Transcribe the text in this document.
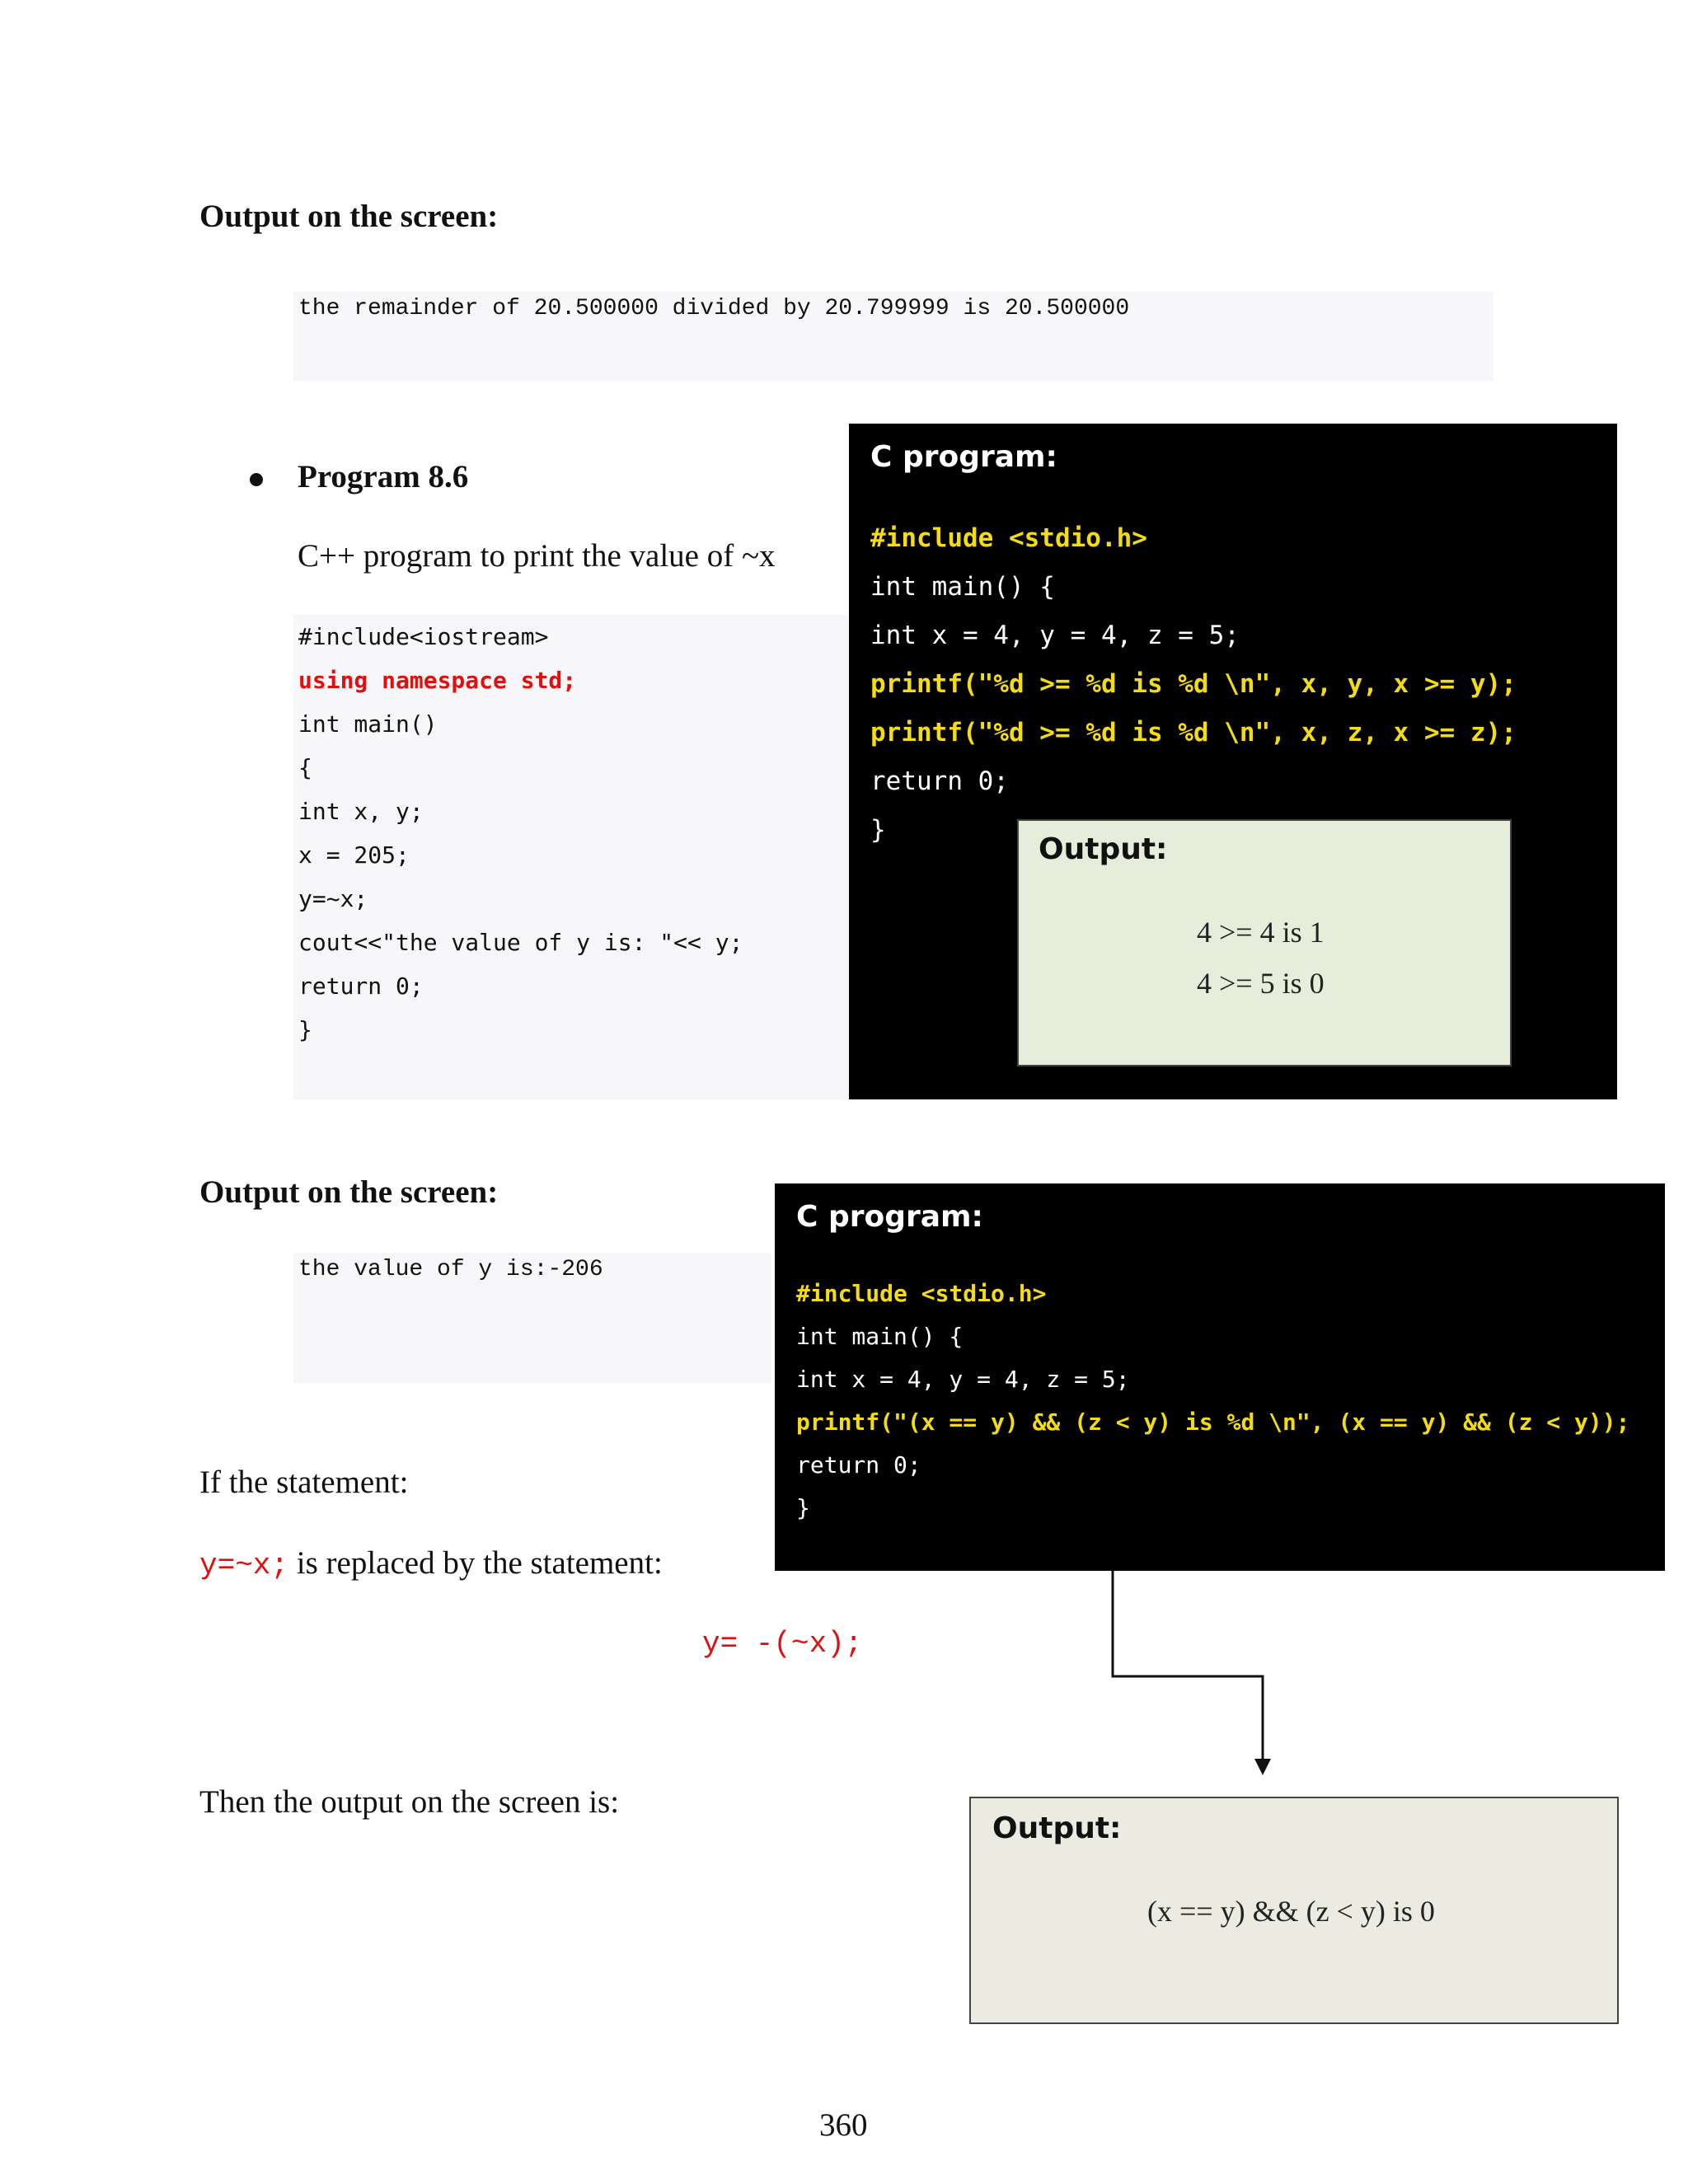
Output on the screen:
the remainder of 20.500000 divided by 20.799999 is 20.500000
Program 8.6
C++ program to print the value of ~x
#include<iostream>
using namespace std;
int main()
{
int x, y;
x = 205;
y=~x;
cout<<"the value of y is: "<< y;
return 0;
}
C program:
#include <stdio.h>
int main() {
int x = 4, y = 4, z = 5;
printf("%d >= %d is %d \n", x, y, x >= y);
printf("%d >= %d is %d \n", x, z, x >= z);
return 0;
}
Output:
4 >= 4 is 1
4 >= 5 is 0
Output on the screen:
the value of y is:-206
C program:
#include <stdio.h>
int main() {
int x = 4, y = 4, z = 5;
printf("(x == y) && (z < y) is %d \n", (x == y) && (z < y));
return 0;
}
If the statement:
y=~x; is replaced by the statement:
y= -(~x);
Then the output on the screen is:
Output:
(x == y) && (z < y) is 0
360
